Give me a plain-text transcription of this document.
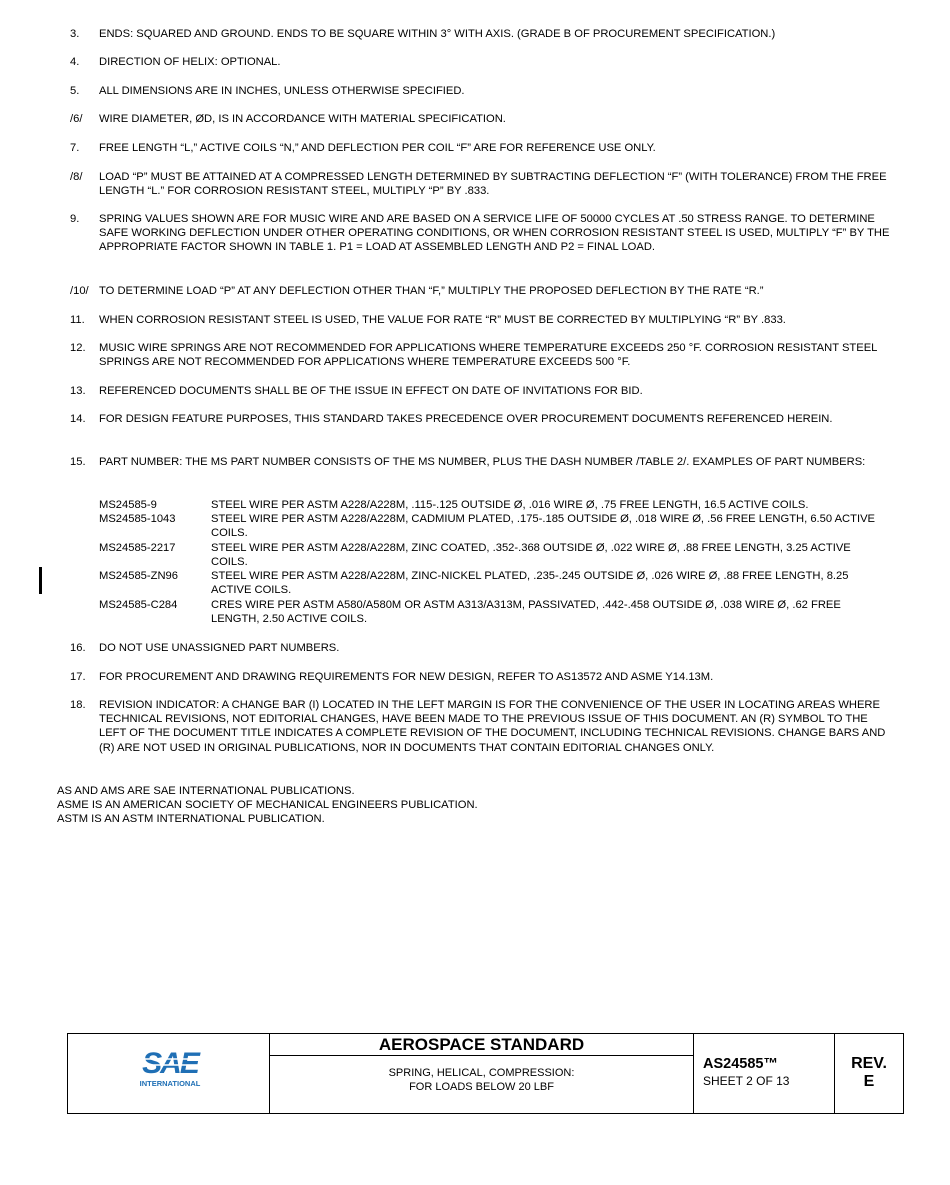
3.	ENDS: SQUARED AND GROUND. ENDS TO BE SQUARE WITHIN 3° WITH AXIS. (GRADE B OF PROCUREMENT SPECIFICATION.)
4.	DIRECTION OF HELIX: OPTIONAL.
5.	ALL DIMENSIONS ARE IN INCHES, UNLESS OTHERWISE SPECIFIED.
/6/	WIRE DIAMETER, ØD, IS IN ACCORDANCE WITH MATERIAL SPECIFICATION.
7.	FREE LENGTH “L,” ACTIVE COILS “N,” AND DEFLECTION PER COIL “F” ARE FOR REFERENCE USE ONLY.
/8/	LOAD “P” MUST BE ATTAINED AT A COMPRESSED LENGTH DETERMINED BY SUBTRACTING DEFLECTION “F” (WITH TOLERANCE) FROM THE FREE LENGTH “L.” FOR CORROSION RESISTANT STEEL, MULTIPLY “P” BY .833.
9.	SPRING VALUES SHOWN ARE FOR MUSIC WIRE AND ARE BASED ON A SERVICE LIFE OF 50000 CYCLES AT .50 STRESS RANGE. TO DETERMINE SAFE WORKING DEFLECTION UNDER OTHER OPERATING CONDITIONS, OR WHEN CORROSION RESISTANT STEEL IS USED, MULTIPLY “F” BY THE APPROPRIATE FACTOR SHOWN IN TABLE 1. P1 = LOAD AT ASSEMBLED LENGTH AND P2 = FINAL LOAD.
/10/ TO DETERMINE LOAD “P” AT ANY DEFLECTION OTHER THAN “F,” MULTIPLY THE PROPOSED DEFLECTION BY THE RATE “R.”
11.	WHEN CORROSION RESISTANT STEEL IS USED, THE VALUE FOR RATE “R” MUST BE CORRECTED BY MULTIPLYING “R” BY .833.
12.	MUSIC WIRE SPRINGS ARE NOT RECOMMENDED FOR APPLICATIONS WHERE TEMPERATURE EXCEEDS 250 °F. CORROSION RESISTANT STEEL SPRINGS ARE NOT RECOMMENDED FOR APPLICATIONS WHERE TEMPERATURE EXCEEDS 500 °F.
13.	REFERENCED DOCUMENTS SHALL BE OF THE ISSUE IN EFFECT ON DATE OF INVITATIONS FOR BID.
14.	FOR DESIGN FEATURE PURPOSES, THIS STANDARD TAKES PRECEDENCE OVER PROCUREMENT DOCUMENTS REFERENCED HEREIN.
15.	PART NUMBER: THE MS PART NUMBER CONSISTS OF THE MS NUMBER, PLUS THE DASH NUMBER /TABLE 2/. EXAMPLES OF PART NUMBERS:
MS24585-9	STEEL WIRE PER ASTM A228/A228M, .115-.125 OUTSIDE Ø, .016 WIRE Ø, .75 FREE LENGTH, 16.5 ACTIVE COILS.
MS24585-1043	STEEL WIRE PER ASTM A228/A228M, CADMIUM PLATED, .175-.185 OUTSIDE Ø, .018 WIRE Ø, .56 FREE LENGTH, 6.50 ACTIVE COILS.
MS24585-2217	STEEL WIRE PER ASTM A228/A228M, ZINC COATED, .352-.368 OUTSIDE Ø, .022 WIRE Ø, .88 FREE LENGTH, 3.25 ACTIVE COILS.
MS24585-ZN96	STEEL WIRE PER ASTM A228/A228M, ZINC-NICKEL PLATED, .235-.245 OUTSIDE Ø, .026 WIRE Ø, .88 FREE LENGTH, 8.25 ACTIVE COILS.
MS24585-C284	CRES WIRE PER ASTM A580/A580M OR ASTM A313/A313M, PASSIVATED, .442-.458 OUTSIDE Ø, .038 WIRE Ø, .62 FREE LENGTH, 2.50 ACTIVE COILS.
16.	DO NOT USE UNASSIGNED PART NUMBERS.
17.	FOR PROCUREMENT AND DRAWING REQUIREMENTS FOR NEW DESIGN, REFER TO AS13572 AND ASME Y14.13M.
18.	REVISION INDICATOR: A CHANGE BAR (I) LOCATED IN THE LEFT MARGIN IS FOR THE CONVENIENCE OF THE USER IN LOCATING AREAS WHERE TECHNICAL REVISIONS, NOT EDITORIAL CHANGES, HAVE BEEN MADE TO THE PREVIOUS ISSUE OF THIS DOCUMENT. AN (R) SYMBOL TO THE LEFT OF THE DOCUMENT TITLE INDICATES A COMPLETE REVISION OF THE DOCUMENT, INCLUDING TECHNICAL REVISIONS. CHANGE BARS AND (R) ARE NOT USED IN ORIGINAL PUBLICATIONS, NOR IN DOCUMENTS THAT CONTAIN EDITORIAL CHANGES ONLY.
AS AND AMS ARE SAE INTERNATIONAL PUBLICATIONS.
ASME IS AN AMERICAN SOCIETY OF MECHANICAL ENGINEERS PUBLICATION.
ASTM IS AN ASTM INTERNATIONAL PUBLICATION.
SAE
INTERNATIONAL
AEROSPACE STANDARD
SPRING, HELICAL, COMPRESSION:
FOR LOADS BELOW 20 LBF
AS24585™
SHEET 2 OF 13
REV.
E
